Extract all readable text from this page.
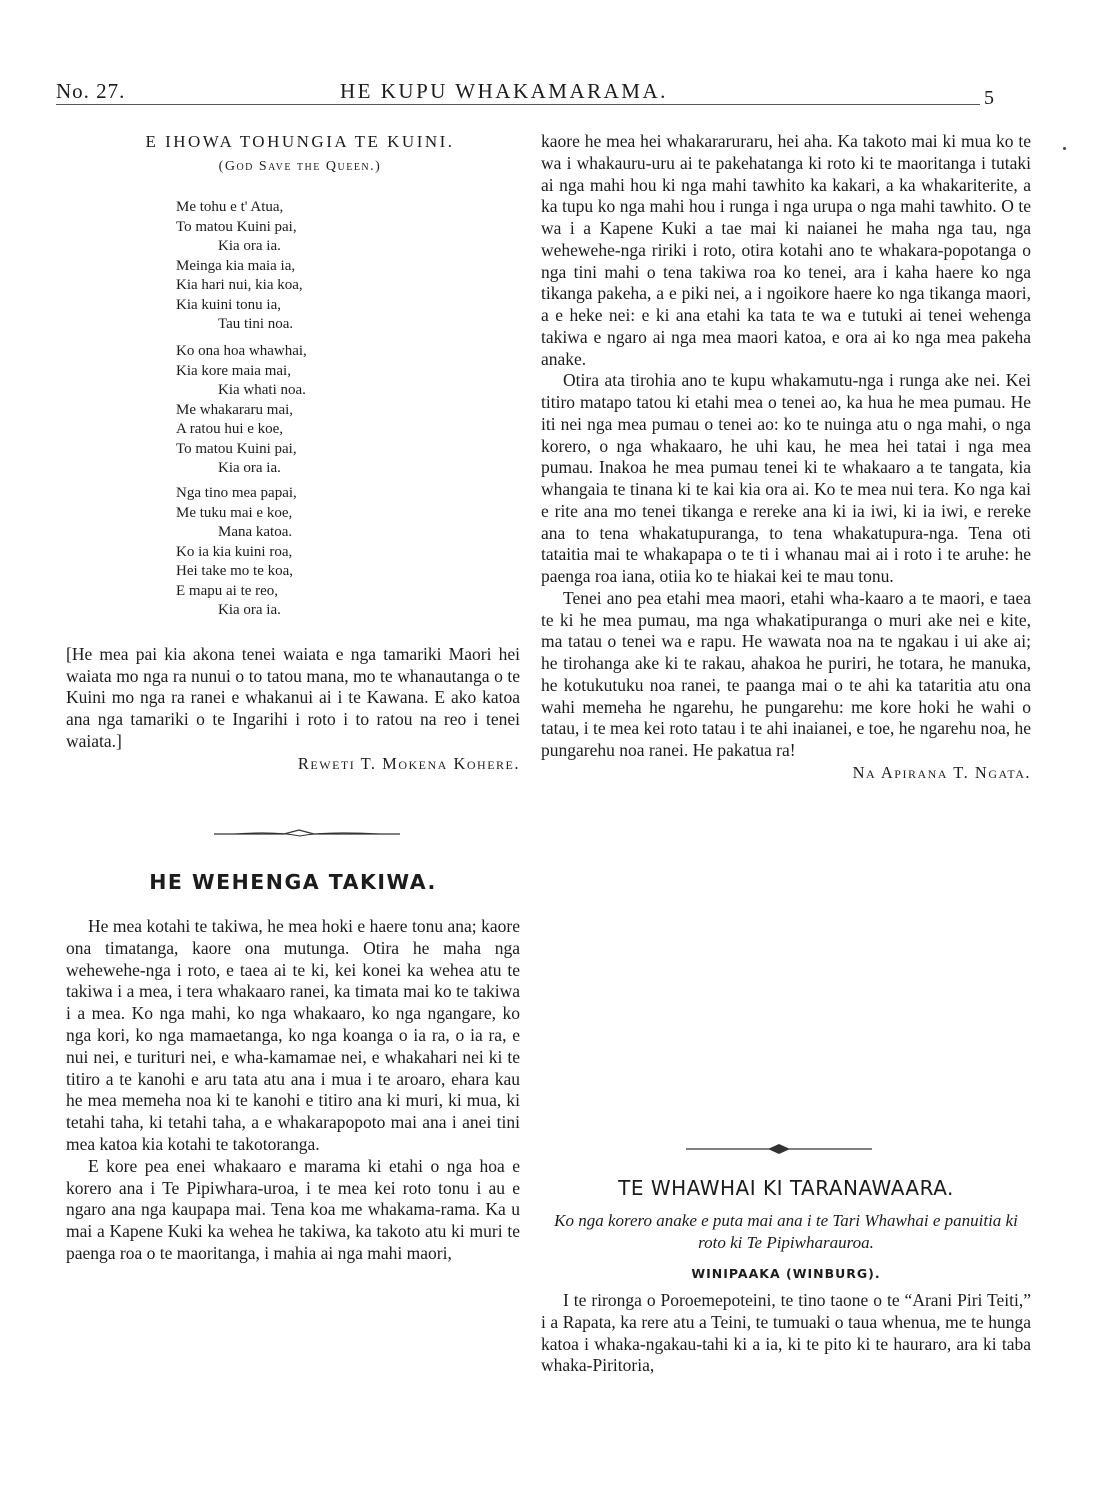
No. 27.	HE KUPU WHAKAMARAMA.	5
E IHOWA TOHUNGIA TE KUINI.
(God Save the Queen.)
Me tohu e t' Atua,
To matou Kuini pai,
Kia ora ia.
Meinga kia maia ia,
Kia hari nui, kia koa,
Kia kuini tonu ia,
Tau tini noa.
Ko ona hoa whawhai,
Kia kore maia mai,
Kia whati noa.
Me whakararu mai,
A ratou hui e koe,
To matou Kuini pai,
Kia ora ia.
Nga tino mea papai,
Me tuku mai e koe,
Mana katoa.
Ko ia kia kuini roa,
Hei take mo te koa,
E mapu ai te reo,
Kia ora ia.

[He mea pai kia akona tenei waiata e nga tamariki Maori hei waiata mo nga ra nunui o to tatou mana, mo te whanautanga o te Kuini mo nga ra ranei e whakanui ai i te Kawana. E ako katoa ana nga tamariki o te Ingarihi i roto i to ratou na reo i tenei waiata.]

Reweti T. Mokena Kohere.
HE WEHENGA TAKIWA.

He mea kotahi te takiwa, he mea hoki e haere tonu ana; kaore ona timatanga, kaore ona mutunga. Otira he maha nga wehewehe-nga i roto, e taea ai te ki, kei konei ka wehea atu te takiwa i a mea, i tera whakaaro ranei, ka timata mai ko te takiwa i a mea. Ko nga mahi, ko nga whakaaro, ko nga ngangare, ko nga kori, ko nga mamaetanga, ko nga koanga o ia ra, o ia ra, e nui nei, e turituri nei, e wha-kamamae nei, e whakahari nei ki te titiro a te kanohi e aru tata atu ana i mua i te aroaro, ehara kau he mea memeha noa ki te kanohi e titiro ana ki muri, ki mua, ki tetahi taha, ki tetahi taha, a e whakarapopoto mai ana i anei tini mea katoa kia kotahi te takotoranga.

E kore pea enei whakaaro e marama ki etahi o nga hoa e korero ana i Te Pipiwhara-uroa, i te mea kei roto tonu i au e ngaro ana nga kaupapa mai. Tena koa me whakama-rama. Ka u mai a Kapene Kuki ka wehea he takiwa, ka takoto atu ki muri te paenga roa o te maoritanga, i mahia ai nga mahi maori,

kaore he mea hei whakararuraru, hei aha. Ka takoto mai ki mua ko te wa i whakauru-uru ai te pakehatanga ki roto ki te maoritanga i tutaki ai nga mahi hou ki nga mahi tawhito ka kakari, a ka whakariterite, a ka tupu ko nga mahi hou i runga i nga urupa o nga mahi tawhito. O te wa i a Kapene Kuki a tae mai ki naianei he maha nga tau, nga wehewehe-nga ririki i roto, otira kotahi ano te whakara-popotanga o nga tini mahi o tena takiwa roa ko tenei, ara i kaha haere ko nga tikanga pakeha, a e piki nei, a i ngoikore haere ko nga tikanga maori, a e heke nei: e ki ana etahi ka tata te wa e tutuki ai tenei wehenga takiwa e ngaro ai nga mea maori katoa, e ora ai ko nga mea pakeha anake.

Otira ata tirohia ano te kupu whakamutu-nga i runga ake nei. Kei titiro matapo tatou ki etahi mea o tenei ao, ka hua he mea pumau. He iti nei nga mea pumau o tenei ao: ko te nuinga atu o nga mahi, o nga korero, o nga whakaaro, he uhi kau, he mea hei tatai i nga mea pumau. Inakoa he mea pumau tenei ki te whakaaro a te tangata, kia whangaia te tinana ki te kai kia ora ai. Ko te mea nui tera. Ko nga kai e rite ana mo tenei tikanga e rereke ana ki ia iwi, ki ia iwi, e rereke ana to tena whakatupuranga, to tena whakatupura-nga. Tena oti tataitia mai te whakapapa o te ti i whanau mai ai i roto i te aruhe: he paenga roa iana, otiia ko te hiakai kei te mau tonu.

Tenei ano pea etahi mea maori, etahi wha-kaaro a te maori, e taea te ki he mea pumau, ma nga whakatipuranga o muri ake nei e kite, ma tatau o tenei wa e rapu. He wawata noa na te ngakau i ui ake ai; he tirohanga ake ki te rakau, ahakoa he puriri, he totara, he manuka, he kotukutuku noa ranei, te paanga mai o te ahi ka tataritia atu ona wahi memeha he ngarehu, he pungarehu: me kore hoki he wahi o tatau, i te mea kei roto tatau i te ahi inaianei, e toe, he ngarehu noa, he pungarehu noa ranei. He pakatua ra!

Na Apirana T. Ngata.
TE WHAWHAI KI TARANAWAARA.
Ko nga korero anake e puta mai ana i te Tari Whawhai e panuitia ki roto ki Te Pipiwharauroa.
WINIPAAKA (WINBURG).

I te rironga o Poroemepoteini, te tino taone o te “Arani Piri Teiti,” i a Rapata, ka rere atu a Teini, te tumuaki o taua whenua, me te hunga katoa i whaka-ngakau-tahi ki a ia, ki te pito ki te hauraro, ara ki taba whaka-Piritoria,
